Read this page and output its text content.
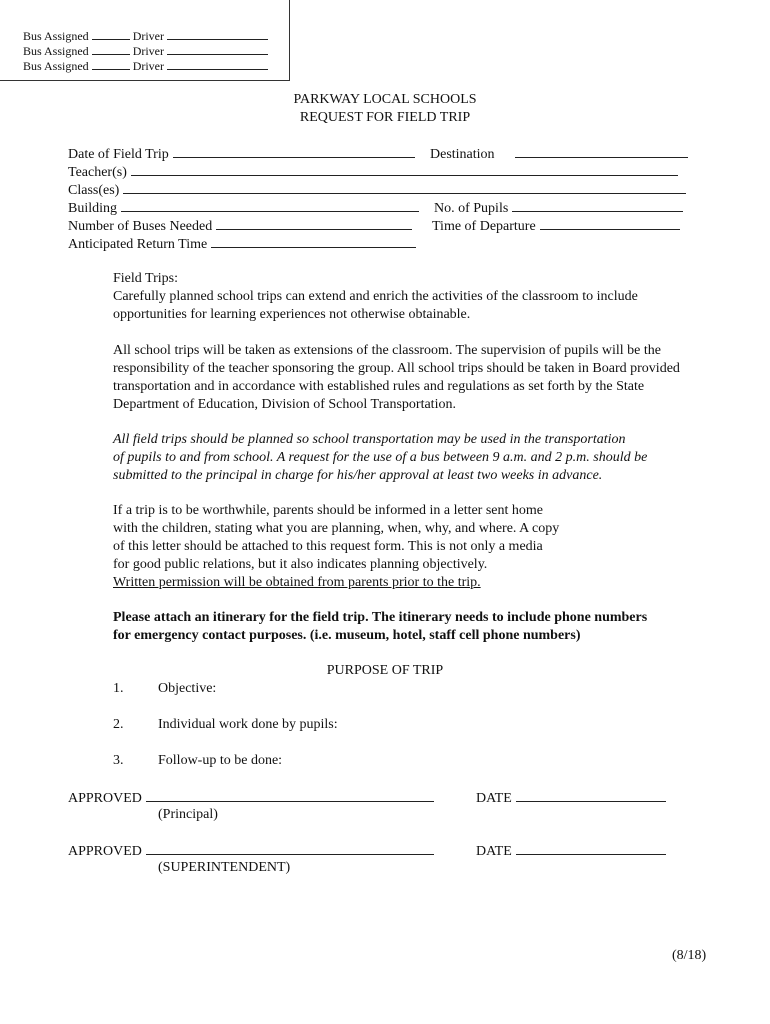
Bus Assigned	Driver
Bus Assigned	Driver
Bus Assigned	Driver
PARKWAY LOCAL SCHOOLS
REQUEST FOR FIELD TRIP
Date of Field Trip	Destination
Teacher(s)
Class(es)
Building	No. of Pupils
Number of Buses Needed	Time of Departure
Anticipated Return Time
Field Trips:
Carefully planned school trips can extend and enrich the activities of the classroom to include
opportunities for learning experiences not otherwise obtainable.
All school trips will be taken as extensions of the classroom. The supervision of pupils will be the
responsibility of the teacher sponsoring the group. All school trips should be taken in Board provided
transportation and in accordance with established rules and regulations as set forth by the State
Department of Education, Division of School Transportation.
All field trips should be planned so school transportation may be used in the transportation
of pupils to and from school. A request for the use of a bus between 9 a.m. and 2 p.m. should be
submitted to the principal in charge for his/her approval at least two weeks in advance.
If a trip is to be worthwhile, parents should be informed in a letter sent home
with the children, stating what you are planning, when, why, and where. A copy
of this letter should be attached to this request form. This is not only a media
for good public relations, but it also indicates planning objectively.
Written permission will be obtained from parents prior to the trip.
Please attach an itinerary for the field trip. The itinerary needs to include phone numbers
for emergency contact purposes. (i.e. museum, hotel, staff cell phone numbers)
PURPOSE OF TRIP
1. Objective:
2. Individual work done by pupils:
3. Follow-up to be done:
APPROVED	DATE
(Principal)
APPROVED	DATE
(SUPERINTENDENT)
(8/18)
